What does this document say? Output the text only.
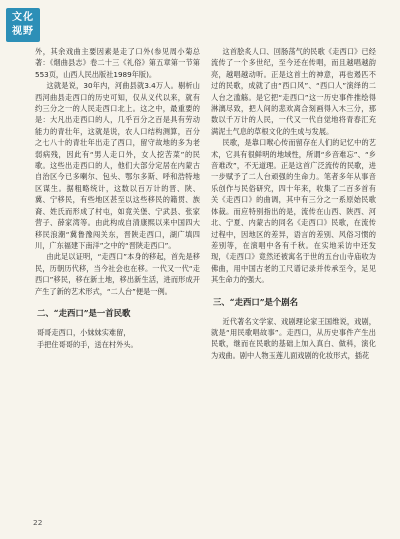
文化
视野

外，其余戏曲主要因素是走了口外(参见周小菊总著：《烟曲县志》卷二十三《礼俗》第五章第一节第553页，山西人民出版社1989年版)。

这就是说，30年内，河曲县就3.4万人。剔析山西河曲县走西口的历史可知，仅从义代以来，就有约三分之一的人民走西口北上。这之中，最重要的是：大凡出走西口的人，几乎百分之百是具有劳动能力的青壮年，这就是说，农人口结构测算，百分之七八十的青壮年出走了西口，留守故地的多为老弱病残，因此有“男人走口外，女人挖苦菜”的民歌。这些出走西口的人，他们大部分定居在内蒙古自治区今已多喇尔、包头、鄂尔多斯、呼和浩特地区谋生。据粗略统计，这数以百万计的晋、陕、冀、宁移民，有些地区甚至以这些移民的籍贯、族裔、姓氏而形成了村屯，如竟关堡、宁武县、张家营子、薛家湾等。由此构成自清康熙以来中国四大移民浪潮“冀鲁豫闯关东，晋陕走西口，湖广填四川，广东福建下南洋”之中的“晋陕走西口”。

由此足以证明，“走西口”本身的移起，首先是移民，历朝历代移，当今社会也在移。一代又一代“走西口”移民，移在新土地，移出新生活，进而形成开产生了新的艺术形式，“二人台”便是一例。

二、“走西口”是一首民歌
哥哥走西口，小妹妹实难留，
手把住哥哥的手，送在村外头。

这首脍炙人口、回肠荡气的民歌《走西口》已经流传了一个多世纪，至今还在传唱，而且越唱越韵亮，越唱越动听。正是这首土的神意，再也遏匹不过的民歌，成就了由“西口风”、“西口人”演绎的二人台之滥觞。是它把“走西口”这一历史事件推绘得淋漓尽致，把人间的悲欢离合刻画得入木三分，那数以千万计的人民，一代又一代自觉地将青春汇充满泥土气息的草根文化的生成与发展。

民歌，是靠口喉心传而留存在人们的记忆中的艺术，它具有很鲜明的地域性，所谓“乡音难忘”、“乡音难改”，不无道理。正是这首广泛流传的民歌，进一步赋予了二人台顽强的生命力。笔者多年从事音乐创作与民俗研究，四十年来，收集了二百多首有关《走西口》的曲调，其中有三分之一系原始民歌体裁。而应特别指出的是，流传在山西、陕西、河北、宁夏、内蒙古的同名《走西口》民歌，在流传过程中，因地区的差异，语言的差别、风俗习惯的差别等，在演唱中各有千秋。在实地采访中还发现，《走西口》竟然还被寓名于世的五台山寺庙收为佛曲，用中国古老的工尺谱记录并传承至今，足见其生命力的强大。

三、“走西口”是个剧名

近代著名文学家、戏剧理论家王国维说，戏剧，就是“用民歌唱故事”。走西口，从历史事件产生出民歌，继而在民歌的基础上加入真白、做科，演化为戏曲。剧中人物玉莲儿面戏剧的化妆形式，插花

22
